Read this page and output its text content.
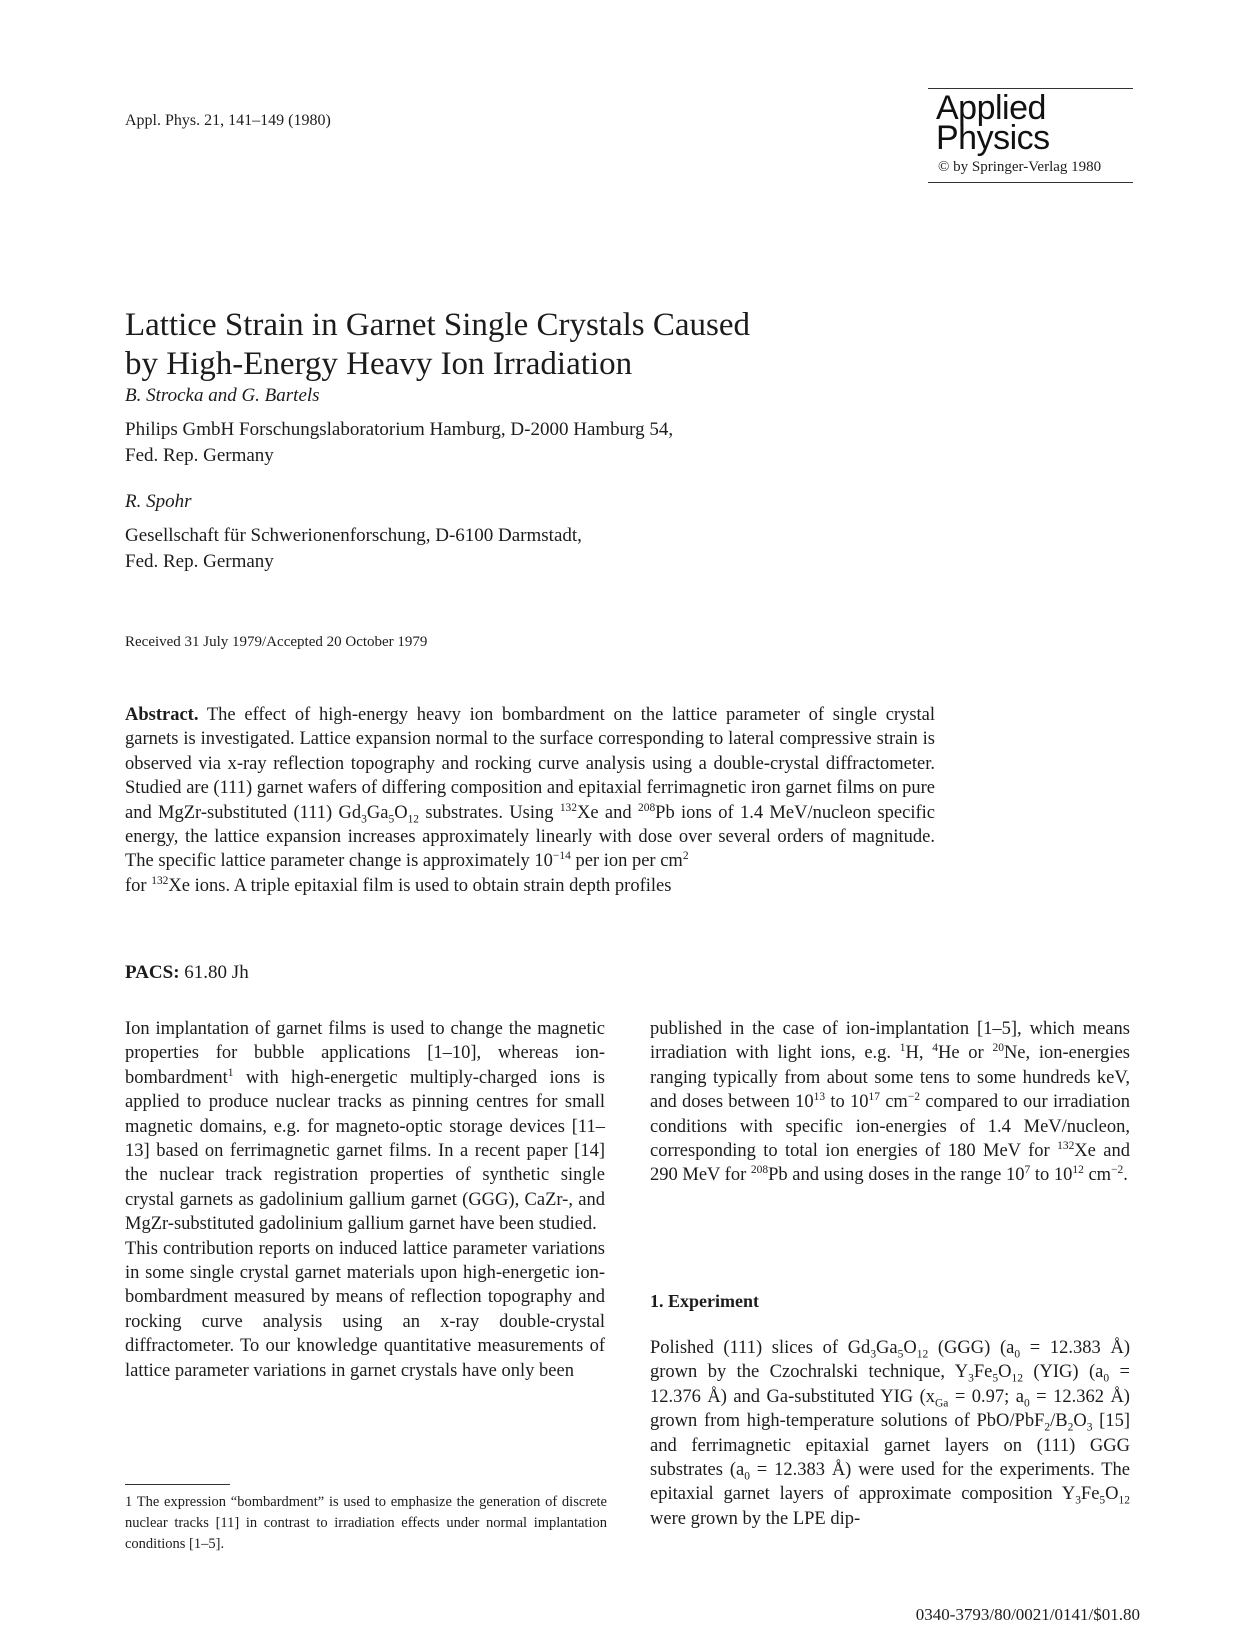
Appl. Phys. 21, 141–149 (1980)	Applied
Physics
© by Springer-Verlag 1980
Lattice Strain in Garnet Single Crystals Caused
by High-Energy Heavy Ion Irradiation
B. Strocka and G. Bartels
Philips GmbH Forschungslaboratorium Hamburg, D-2000 Hamburg 54,
Fed. Rep. Germany
R. Spohr
Gesellschaft für Schwerionenforschung, D-6100 Darmstadt,
Fed. Rep. Germany
Received 31 July 1979/Accepted 20 October 1979
Abstract. The effect of high-energy heavy ion bombardment on the lattice parameter of single crystal garnets is investigated. Lattice expansion normal to the surface corresponding to lateral compressive strain is observed via x-ray reflection topography and rocking curve analysis using a double-crystal diffractometer. Studied are (111) garnet wafers of differing composition and epitaxial ferrimagnetic iron garnet films on pure and MgZr-substituted (111) $Gd_3Ga_5O_{12}$ substrates. Using $^{132}$Xe and $^{208}$Pb ions of 1.4 MeV/nucleon specific energy, the lattice expansion increases approximately linearly with dose over several orders of magnitude. The specific lattice parameter change is approximately $10^{-14}$ per ion per $cm^2$
for $^{132}$Xe ions. A triple epitaxial film is used to obtain strain depth profiles
PACS: 61.80 Jh

Ion implantation of garnet films is used to change the magnetic properties for bubble applications [1–10], whereas ion-bombardment$^1$ with high-energetic multiply-charged ions is applied to produce nuclear tracks as pinning centres for small magnetic domains, e.g. for magneto-optic storage devices [11–13] based on ferrimagnetic garnet films. In a recent paper [14] the nuclear track registration properties of synthetic single crystal garnets as gadolinium gallium garnet (GGG), CaZr-, and MgZr-substituted gadolinium gallium garnet have been studied.

This contribution reports on induced lattice parameter variations in some single crystal garnet materials upon high-energetic ion-bombardment measured by means of reflection topography and rocking curve analysis using an x-ray double-crystal diffractometer. To our knowledge quantitative measurements of lattice parameter variations in garnet crystals have only been

1 The expression “bombardment” is used to emphasize the generation of discrete nuclear tracks [11] in contrast to irradiation effects under normal implantation conditions [1–5].

published in the case of ion-implantation [1–5], which means irradiation with light ions, e.g. $^1$H, $^4$He or $^{20}$Ne, ion-energies ranging typically from about some tens to some hundreds keV, and doses between $10^{13}$ to $10^{17}$ $cm^{-2}$ compared to our irradiation conditions with specific ion-energies of 1.4 MeV/nucleon, corresponding to total ion energies of 180 MeV for $^{132}$Xe and 290 MeV for $^{208}$Pb and using doses in the range $10^7$ to $10^{12}$ $cm^{-2}$.

1. Experiment

Polished (111) slices of $Gd_3Ga_5O_{12}$ (GGG) ($a_0 = 12.383$ Å) grown by the Czochralski technique, $Y_3Fe_5O_{12}$ (YIG) ($a_0 = 12.376$ Å) and Ga-substituted YIG ($x_{Ga} = 0.97$; $a_0 = 12.362$ Å) grown from high-temperature solutions of PbO/$PbF_2/B_2O_3$ [15] and ferrimagnetic epitaxial garnet layers on (111) GGG substrates ($a_0 = 12.383$ Å) were used for the experiments. The epitaxial garnet layers of approximate composition $Y_3Fe_5O_{12}$ were grown by the LPE dip-

0340-3793/80/0021/0141/$01.80
